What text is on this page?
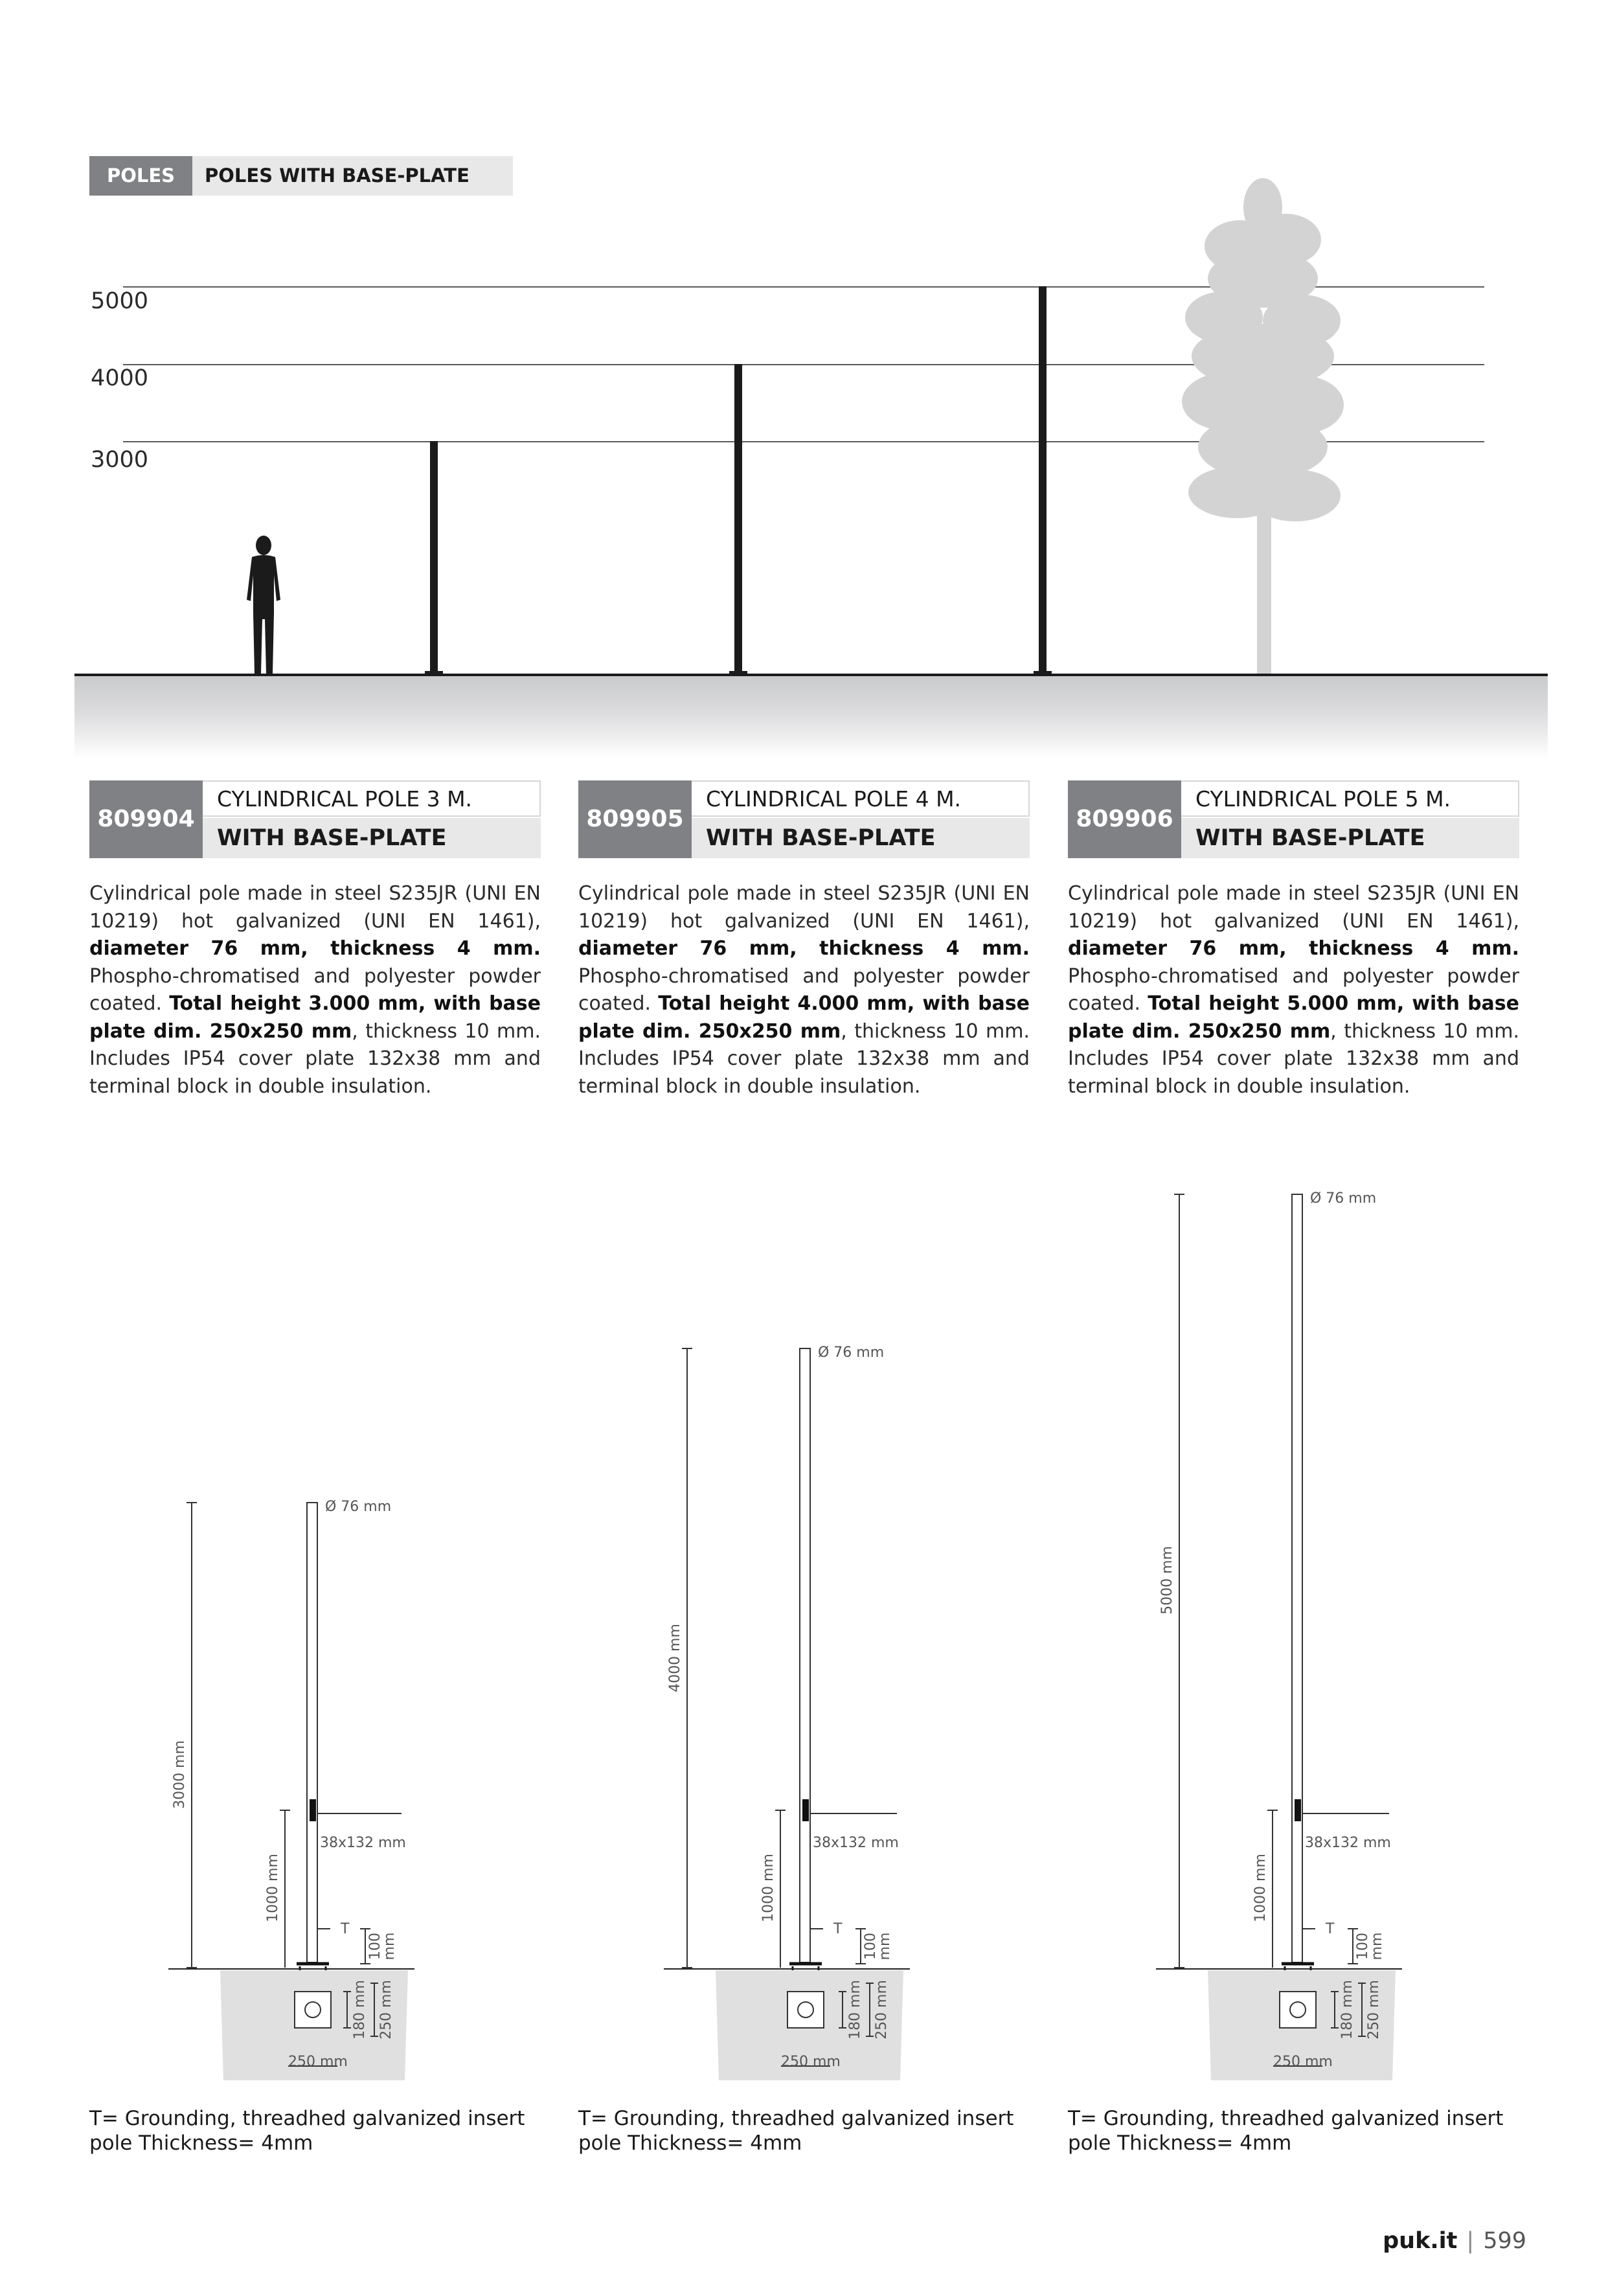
POLES	POLES WITH BASE-PLATE
5000
4000
3000
809904
CYLINDRICAL POLE 3 M.
WITH BASE-PLATE
Cylindrical pole made in steel S235JR (UNI EN 10219) hot galvanized (UNI EN 1461), diameter 76 mm, thickness 4 mm. Phospho-chromatised and polyester powder coated. Total height 3.000 mm, with base plate dim. 250x250 mm, thickness 10 mm. Includes IP54 cover plate 132x38 mm and terminal block in double insulation.
809905
CYLINDRICAL POLE 4 M.
WITH BASE-PLATE
Cylindrical pole made in steel S235JR (UNI EN 10219) hot galvanized (UNI EN 1461), diameter 76 mm, thickness 4 mm. Phospho-chromatised and polyester powder coated. Total height 4.000 mm, with base plate dim. 250x250 mm, thickness 10 mm. Includes IP54 cover plate 132x38 mm and terminal block in double insulation.
809906
CYLINDRICAL POLE 5 M.
WITH BASE-PLATE
Cylindrical pole made in steel S235JR (UNI EN 10219) hot galvanized (UNI EN 1461), diameter 76 mm, thickness 4 mm. Phospho-chromatised and polyester powder coated. Total height 5.000 mm, with base plate dim. 250x250 mm, thickness 10 mm. Includes IP54 cover plate 132x38 mm and terminal block in double insulation.
Ø 76 mm
38x132 mm
T
250 mm
3000 mm
1000 mm
100
mm
180 mm 250 mm
Ø 76 mm
38x132 mm
T
250 mm
4000 mm
1000 mm
100
mm
180 mm 250 mm
Ø 76 mm
38x132 mm
T
250 mm
5000 mm
1000 mm
100
mm
180 mm 250 mm
T= Grounding, threadhed galvanized insert
pole Thickness= 4mm
T= Grounding, threadhed galvanized insert
pole Thickness= 4mm
T= Grounding, threadhed galvanized insert
pole Thickness= 4mm
puk.it | 599
